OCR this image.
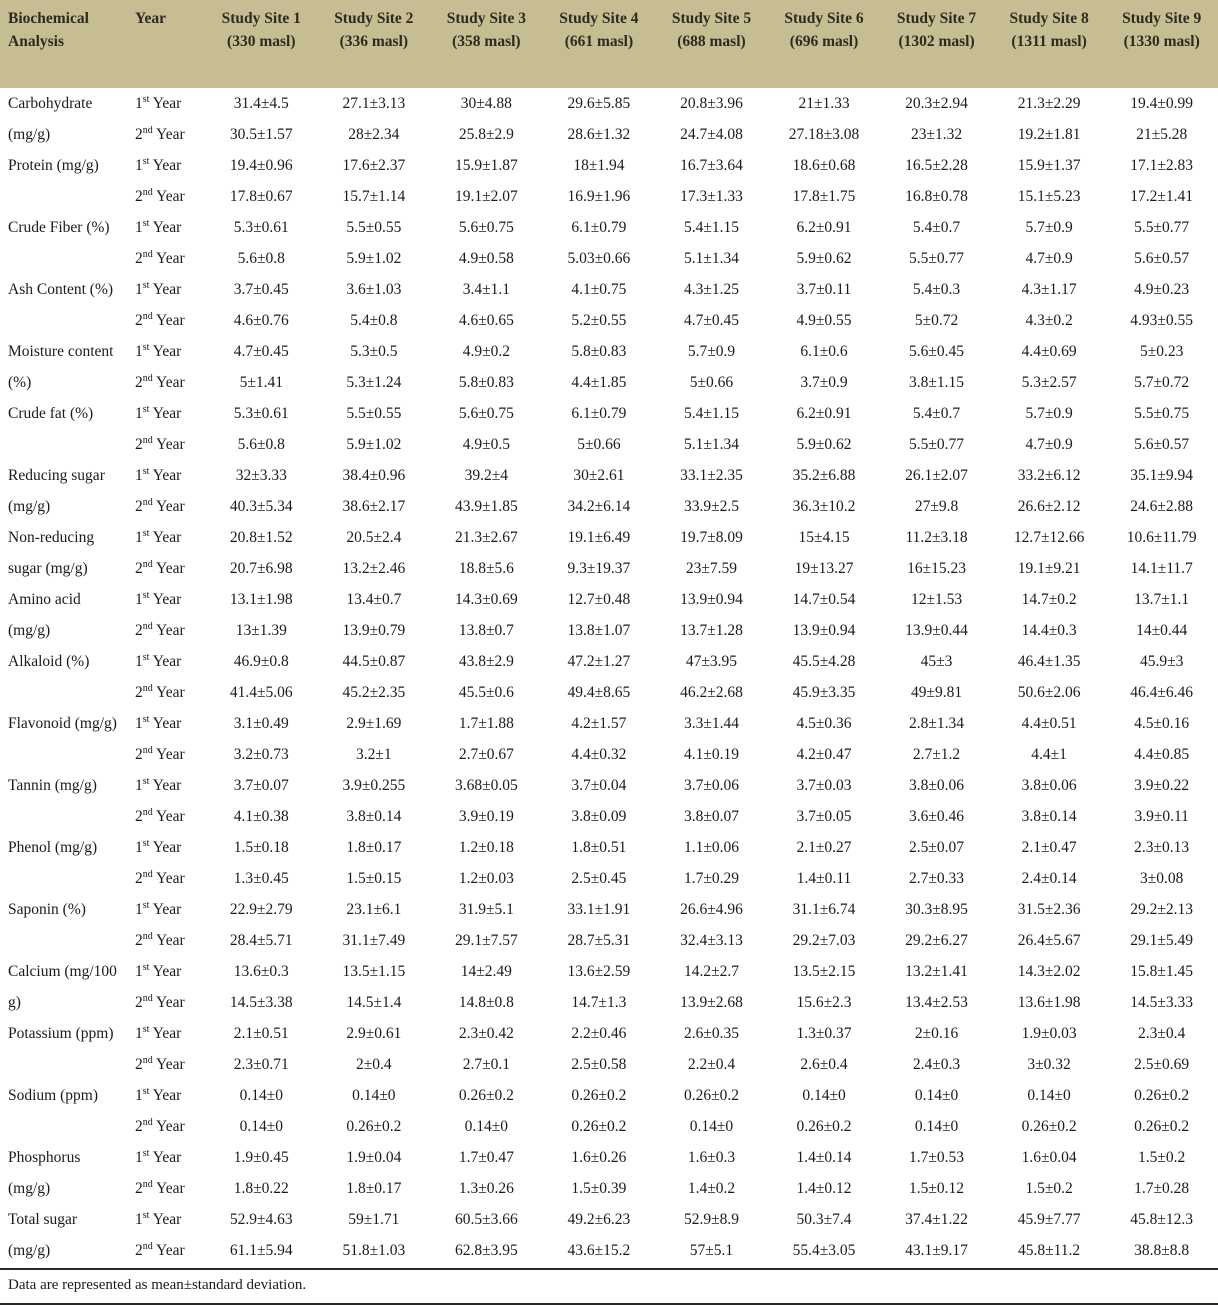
Biochemical Analysis	Year	Study Site 1 (330 masl)	Study Site 2 (336 masl)	Study Site 3 (358 masl)	Study Site 4 (661 masl)	Study Site 5 (688 masl)	Study Site 6 (696 masl)	Study Site 7 (1302 masl)	Study Site 8 (1311 masl)	Study Site 9 (1330 masl)
Carbohydrate (mg/g)	1st Year	31.4±4.5	27.1±3.13	30±4.88	29.6±5.85	20.8±3.96	21±1.33	20.3±2.94	21.3±2.29	19.4±0.99
	2nd Year	30.5±1.57	28±2.34	25.8±2.9	28.6±1.32	24.7±4.08	27.18±3.08	23±1.32	19.2±1.81	21±5.28
Protein (mg/g)	1st Year	19.4±0.96	17.6±2.37	15.9±1.87	18±1.94	16.7±3.64	18.6±0.68	16.5±2.28	15.9±1.37	17.1±2.83
	2nd Year	17.8±0.67	15.7±1.14	19.1±2.07	16.9±1.96	17.3±1.33	17.8±1.75	16.8±0.78	15.1±5.23	17.2±1.41
Crude Fiber (%)	1st Year	5.3±0.61	5.5±0.55	5.6±0.75	6.1±0.79	5.4±1.15	6.2±0.91	5.4±0.7	5.7±0.9	5.5±0.77
	2nd Year	5.6±0.8	5.9±1.02	4.9±0.58	5.03±0.66	5.1±1.34	5.9±0.62	5.5±0.77	4.7±0.9	5.6±0.57
Ash Content (%)	1st Year	3.7±0.45	3.6±1.03	3.4±1.1	4.1±0.75	4.3±1.25	3.7±0.11	5.4±0.3	4.3±1.17	4.9±0.23
	2nd Year	4.6±0.76	5.4±0.8	4.6±0.65	5.2±0.55	4.7±0.45	4.9±0.55	5±0.72	4.3±0.2	4.93±0.55
Moisture content (%)	1st Year	4.7±0.45	5.3±0.5	4.9±0.2	5.8±0.83	5.7±0.9	6.1±0.6	5.6±0.45	4.4±0.69	5±0.23
	2nd Year	5±1.41	5.3±1.24	5.8±0.83	4.4±1.85	5±0.66	3.7±0.9	3.8±1.15	5.3±2.57	5.7±0.72
Crude fat (%)	1st Year	5.3±0.61	5.5±0.55	5.6±0.75	6.1±0.79	5.4±1.15	6.2±0.91	5.4±0.7	5.7±0.9	5.5±0.75
	2nd Year	5.6±0.8	5.9±1.02	4.9±0.5	5±0.66	5.1±1.34	5.9±0.62	5.5±0.77	4.7±0.9	5.6±0.57
Reducing sugar (mg/g)	1st Year	32±3.33	38.4±0.96	39.2±4	30±2.61	33.1±2.35	35.2±6.88	26.1±2.07	33.2±6.12	35.1±9.94
	2nd Year	40.3±5.34	38.6±2.17	43.9±1.85	34.2±6.14	33.9±2.5	36.3±10.2	27±9.8	26.6±2.12	24.6±2.88
Non-reducing sugar (mg/g)	1st Year	20.8±1.52	20.5±2.4	21.3±2.67	19.1±6.49	19.7±8.09	15±4.15	11.2±3.18	12.7±12.66	10.6±11.79
	2nd Year	20.7±6.98	13.2±2.46	18.8±5.6	9.3±19.37	23±7.59	19±13.27	16±15.23	19.1±9.21	14.1±11.7
Amino acid (mg/g)	1st Year	13.1±1.98	13.4±0.7	14.3±0.69	12.7±0.48	13.9±0.94	14.7±0.54	12±1.53	14.7±0.2	13.7±1.1
	2nd Year	13±1.39	13.9±0.79	13.8±0.7	13.8±1.07	13.7±1.28	13.9±0.94	13.9±0.44	14.4±0.3	14±0.44
Alkaloid (%)	1st Year	46.9±0.8	44.5±0.87	43.8±2.9	47.2±1.27	47±3.95	45.5±4.28	45±3	46.4±1.35	45.9±3
	2nd Year	41.4±5.06	45.2±2.35	45.5±0.6	49.4±8.65	46.2±2.68	45.9±3.35	49±9.81	50.6±2.06	46.4±6.46
Flavonoid (mg/g)	1st Year	3.1±0.49	2.9±1.69	1.7±1.88	4.2±1.57	3.3±1.44	4.5±0.36	2.8±1.34	4.4±0.51	4.5±0.16
	2nd Year	3.2±0.73	3.2±1	2.7±0.67	4.4±0.32	4.1±0.19	4.2±0.47	2.7±1.2	4.4±1	4.4±0.85
Tannin (mg/g)	1st Year	3.7±0.07	3.9±0.255	3.68±0.05	3.7±0.04	3.7±0.06	3.7±0.03	3.8±0.06	3.8±0.06	3.9±0.22
	2nd Year	4.1±0.38	3.8±0.14	3.9±0.19	3.8±0.09	3.8±0.07	3.7±0.05	3.6±0.46	3.8±0.14	3.9±0.11
Phenol (mg/g)	1st Year	1.5±0.18	1.8±0.17	1.2±0.18	1.8±0.51	1.1±0.06	2.1±0.27	2.5±0.07	2.1±0.47	2.3±0.13
	2nd Year	1.3±0.45	1.5±0.15	1.2±0.03	2.5±0.45	1.7±0.29	1.4±0.11	2.7±0.33	2.4±0.14	3±0.08
Saponin (%)	1st Year	22.9±2.79	23.1±6.1	31.9±5.1	33.1±1.91	26.6±4.96	31.1±6.74	30.3±8.95	31.5±2.36	29.2±2.13
	2nd Year	28.4±5.71	31.1±7.49	29.1±7.57	28.7±5.31	32.4±3.13	29.2±7.03	29.2±6.27	26.4±5.67	29.1±5.49
Calcium (mg/100 g)	1st Year	13.6±0.3	13.5±1.15	14±2.49	13.6±2.59	14.2±2.7	13.5±2.15	13.2±1.41	14.3±2.02	15.8±1.45
	2nd Year	14.5±3.38	14.5±1.4	14.8±0.8	14.7±1.3	13.9±2.68	15.6±2.3	13.4±2.53	13.6±1.98	14.5±3.33
Potassium (ppm)	1st Year	2.1±0.51	2.9±0.61	2.3±0.42	2.2±0.46	2.6±0.35	1.3±0.37	2±0.16	1.9±0.03	2.3±0.4
	2nd Year	2.3±0.71	2±0.4	2.7±0.1	2.5±0.58	2.2±0.4	2.6±0.4	2.4±0.3	3±0.32	2.5±0.69
Sodium (ppm)	1st Year	0.14±0	0.14±0	0.26±0.2	0.26±0.2	0.26±0.2	0.14±0	0.14±0	0.14±0	0.26±0.2
	2nd Year	0.14±0	0.26±0.2	0.14±0	0.26±0.2	0.14±0	0.26±0.2	0.14±0	0.26±0.2	0.26±0.2
Phosphorus (mg/g)	1st Year	1.9±0.45	1.9±0.04	1.7±0.47	1.6±0.26	1.6±0.3	1.4±0.14	1.7±0.53	1.6±0.04	1.5±0.2
	2nd Year	1.8±0.22	1.8±0.17	1.3±0.26	1.5±0.39	1.4±0.2	1.4±0.12	1.5±0.12	1.5±0.2	1.7±0.28
Total sugar (mg/g)	1st Year	52.9±4.63	59±1.71	60.5±3.66	49.2±6.23	52.9±8.9	50.3±7.4	37.4±1.22	45.9±7.77	45.8±12.3
	2nd Year	61.1±5.94	51.8±1.03	62.8±3.95	43.6±15.2	57±5.1	55.4±3.05	43.1±9.17	45.8±11.2	38.8±8.8
Data are represented as mean±standard deviation.
